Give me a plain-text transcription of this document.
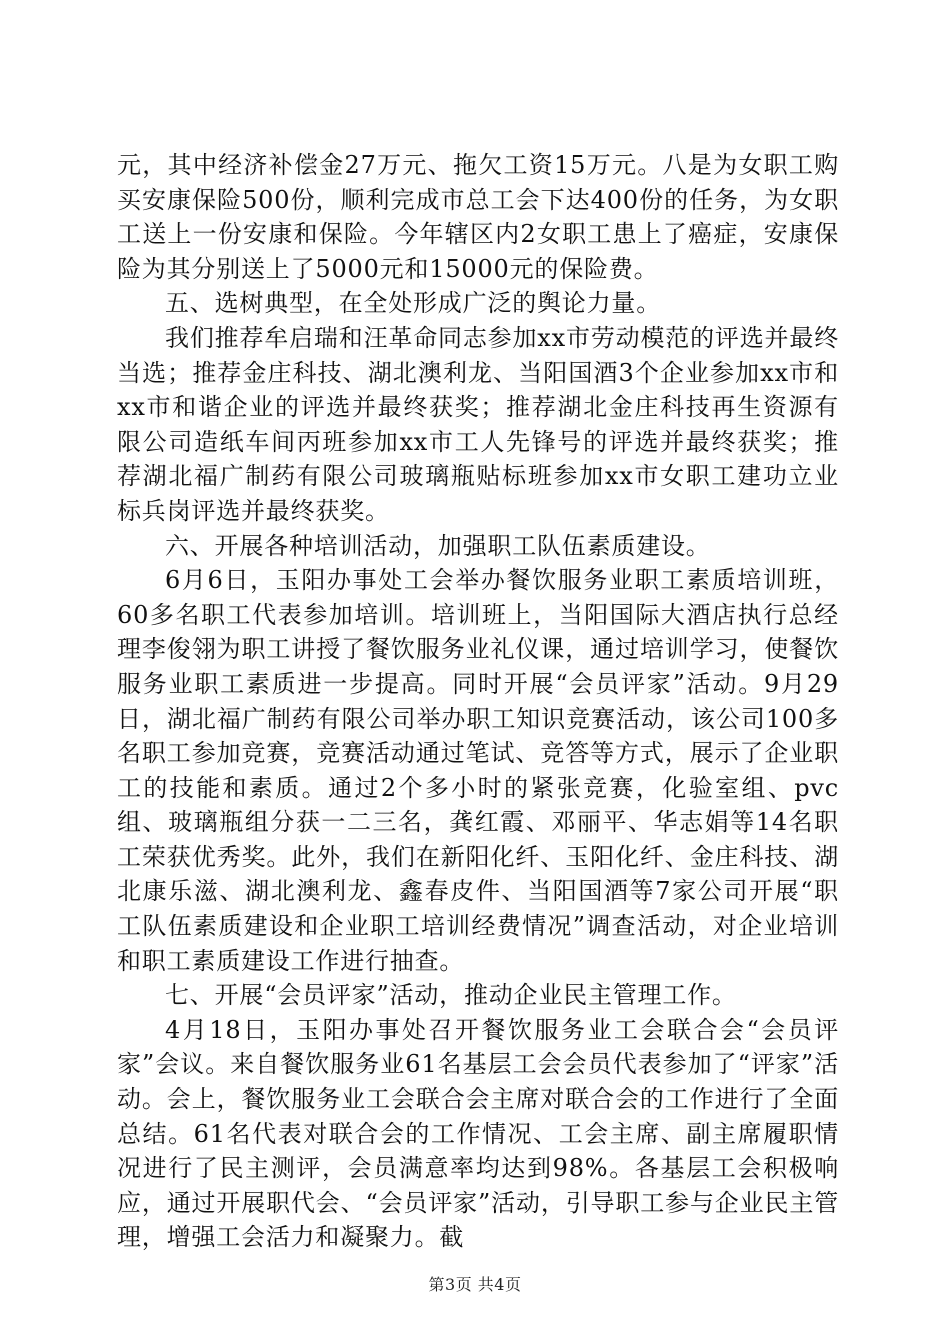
元，其中经济补偿金27万元、拖欠工资15万元。八是为女职工购买安康保险500份，顺利完成市总工会下达400份的任务，为女职工送上一份安康和保险。今年辖区内2女职工患上了癌症，安康保险为其分别送上了5000元和15000元的保险费。

五、选树典型，在全处形成广泛的舆论力量。

我们推荐牟启瑞和汪革命同志参加xx市劳动模范的评选并最终当选；推荐金庄科技、湖北澳利龙、当阳国酒3个企业参加xx市和xx市和谐企业的评选并最终获奖；推荐湖北金庄科技再生资源有限公司造纸车间丙班参加xx市工人先锋号的评选并最终获奖；推荐湖北福广制药有限公司玻璃瓶贴标班参加xx市女职工建功立业标兵岗评选并最终获奖。

六、开展各种培训活动，加强职工队伍素质建设。

6月6日，玉阳办事处工会举办餐饮服务业职工素质培训班，60多名职工代表参加培训。培训班上，当阳国际大酒店执行总经理李俊翎为职工讲授了餐饮服务业礼仪课，通过培训学习，使餐饮服务业职工素质进一步提高。同时开展“会员评家”活动。9月29日，湖北福广制药有限公司举办职工知识竞赛活动，该公司100多名职工参加竞赛，竞赛活动通过笔试、竞答等方式，展示了企业职工的技能和素质。通过2个多小时的紧张竞赛，化验室组、pvc组、玻璃瓶组分获一二三名，龚红霞、邓丽平、华志娟等14名职工荣获优秀奖。此外，我们在新阳化纤、玉阳化纤、金庄科技、湖北康乐滋、湖北澳利龙、鑫春皮件、当阳国酒等7家公司开展“职工队伍素质建设和企业职工培训经费情况”调查活动，对企业培训和职工素质建设工作进行抽查。

七、开展“会员评家”活动，推动企业民主管理工作。

4月18日，玉阳办事处召开餐饮服务业工会联合会“会员评家”会议。来自餐饮服务业61名基层工会会员代表参加了“评家”活动。会上，餐饮服务业工会联合会主席对联合会的工作进行了全面总结。61名代表对联合会的工作情况、工会主席、副主席履职情况进行了民主测评，会员满意率均达到98%。各基层工会积极响应，通过开展职代会、“会员评家”活动，引导职工参与企业民主管理，增强工会活力和凝聚力。截

第3页 共4页
